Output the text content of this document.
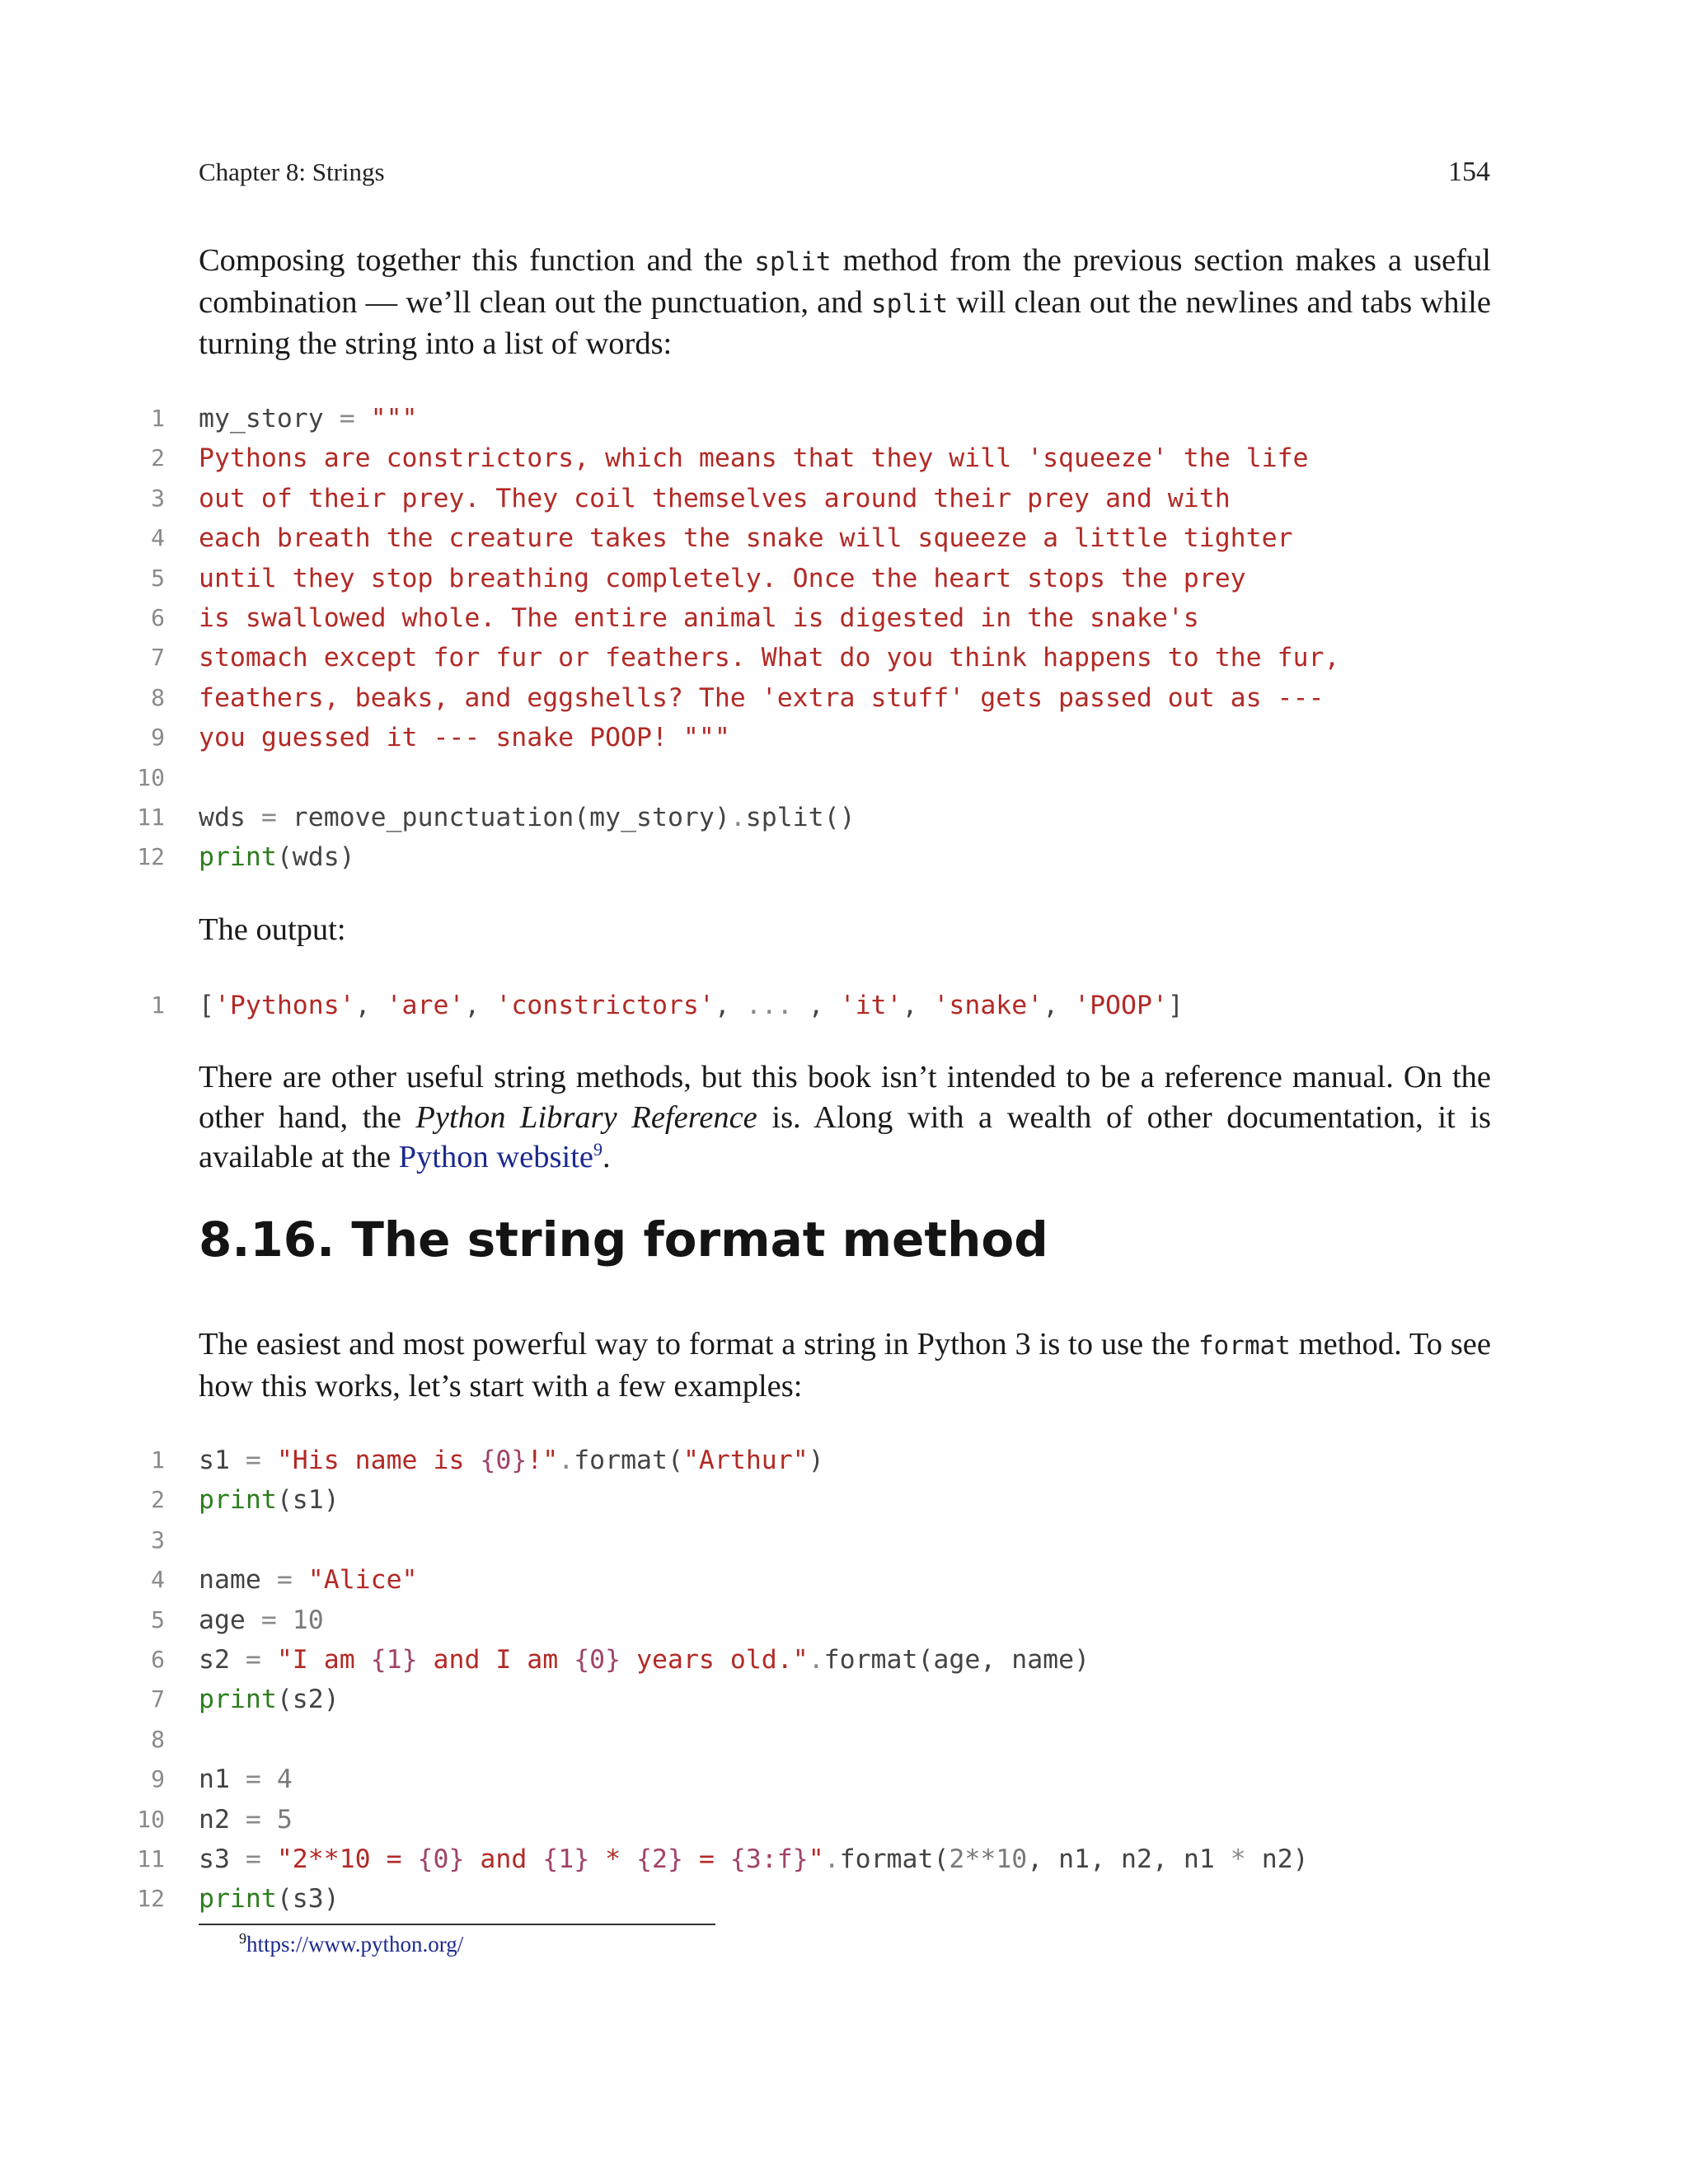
Chapter 8: Strings	154

Composing together this function and the split method from the previous section makes a useful combination — we’ll clean out the punctuation, and split will clean out the newlines and tabs while turning the string into a list of words:

1 my_story = """
2 Pythons are constrictors, which means that they will 'squeeze' the life
3 out of their prey. They coil themselves around their prey and with
4 each breath the creature takes the snake will squeeze a little tighter
5 until they stop breathing completely. Once the heart stops the prey
6 is swallowed whole. The entire animal is digested in the snake's
7 stomach except for fur or feathers. What do you think happens to the fur,
8 feathers, beaks, and eggshells? The 'extra stuff' gets passed out as ---
9 you guessed it --- snake POOP! """
10
11 wds = remove_punctuation(my_story).split()
12 print(wds)

The output:

1 ['Pythons', 'are', 'constrictors', ... , 'it', 'snake', 'POOP']

There are other useful string methods, but this book isn’t intended to be a reference manual. On the other hand, the Python Library Reference is. Along with a wealth of other documentation, it is available at the Python website$^9$.

8.16. The string format method

The easiest and most powerful way to format a string in Python 3 is to use the format method. To see how this works, let’s start with a few examples:

1 s1 = "His name is {0}!".format("Arthur")
2 print(s1)
3
4 name = "Alice"
5 age = 10
6 s2 = "I am {1} and I am {0} years old.".format(age, name)
7 print(s2)
8
9 n1 = 4
10 n2 = 5
11 s3 = "2**10 = {0} and {1} * {2} = {3:f}".format(2**10, n1, n2, n1 * n2)
12 print(s3)
$^9$https://www.python.org/
